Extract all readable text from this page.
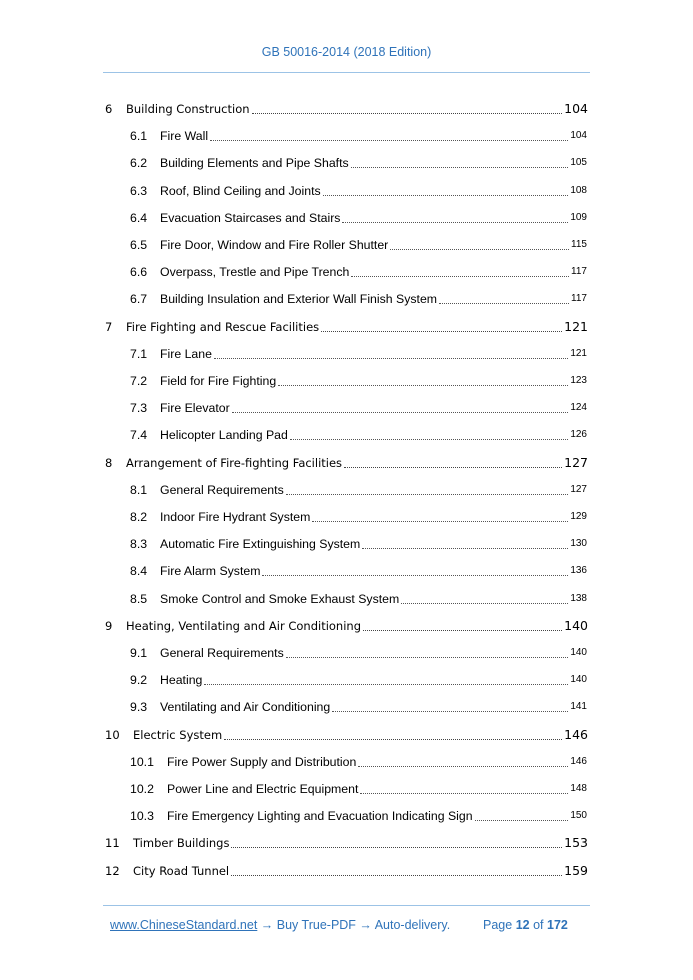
GB 50016-2014 (2018 Edition)
6	Building Construction	104
6.1	Fire Wall	104
6.2	Building Elements and Pipe Shafts	105
6.3	Roof, Blind Ceiling and Joints	108
6.4	Evacuation Staircases and Stairs	109
6.5	Fire Door, Window and Fire Roller Shutter	115
6.6	Overpass, Trestle and Pipe Trench	117
6.7	Building Insulation and Exterior Wall Finish System	117
7	Fire Fighting and Rescue Facilities	121
7.1	Fire Lane	121
7.2	Field for Fire Fighting	123
7.3	Fire Elevator	124
7.4	Helicopter Landing Pad	126
8	Arrangement of Fire-fighting Facilities	127
8.1	General Requirements	127
8.2	Indoor Fire Hydrant System	129
8.3	Automatic Fire Extinguishing System	130
8.4	Fire Alarm System	136
8.5	Smoke Control and Smoke Exhaust System	138
9	Heating, Ventilating and Air Conditioning	140
9.1	General Requirements	140
9.2	Heating	140
9.3	Ventilating and Air Conditioning	141
10	Electric System	146
10.1	Fire Power Supply and Distribution	146
10.2	Power Line and Electric Equipment	148
10.3	Fire Emergency Lighting and Evacuation Indicating Sign	150
11	Timber Buildings	153
12	City Road Tunnel	159
www.ChineseStandard.net → Buy True-PDF → Auto-delivery.	Page 12 of 172
